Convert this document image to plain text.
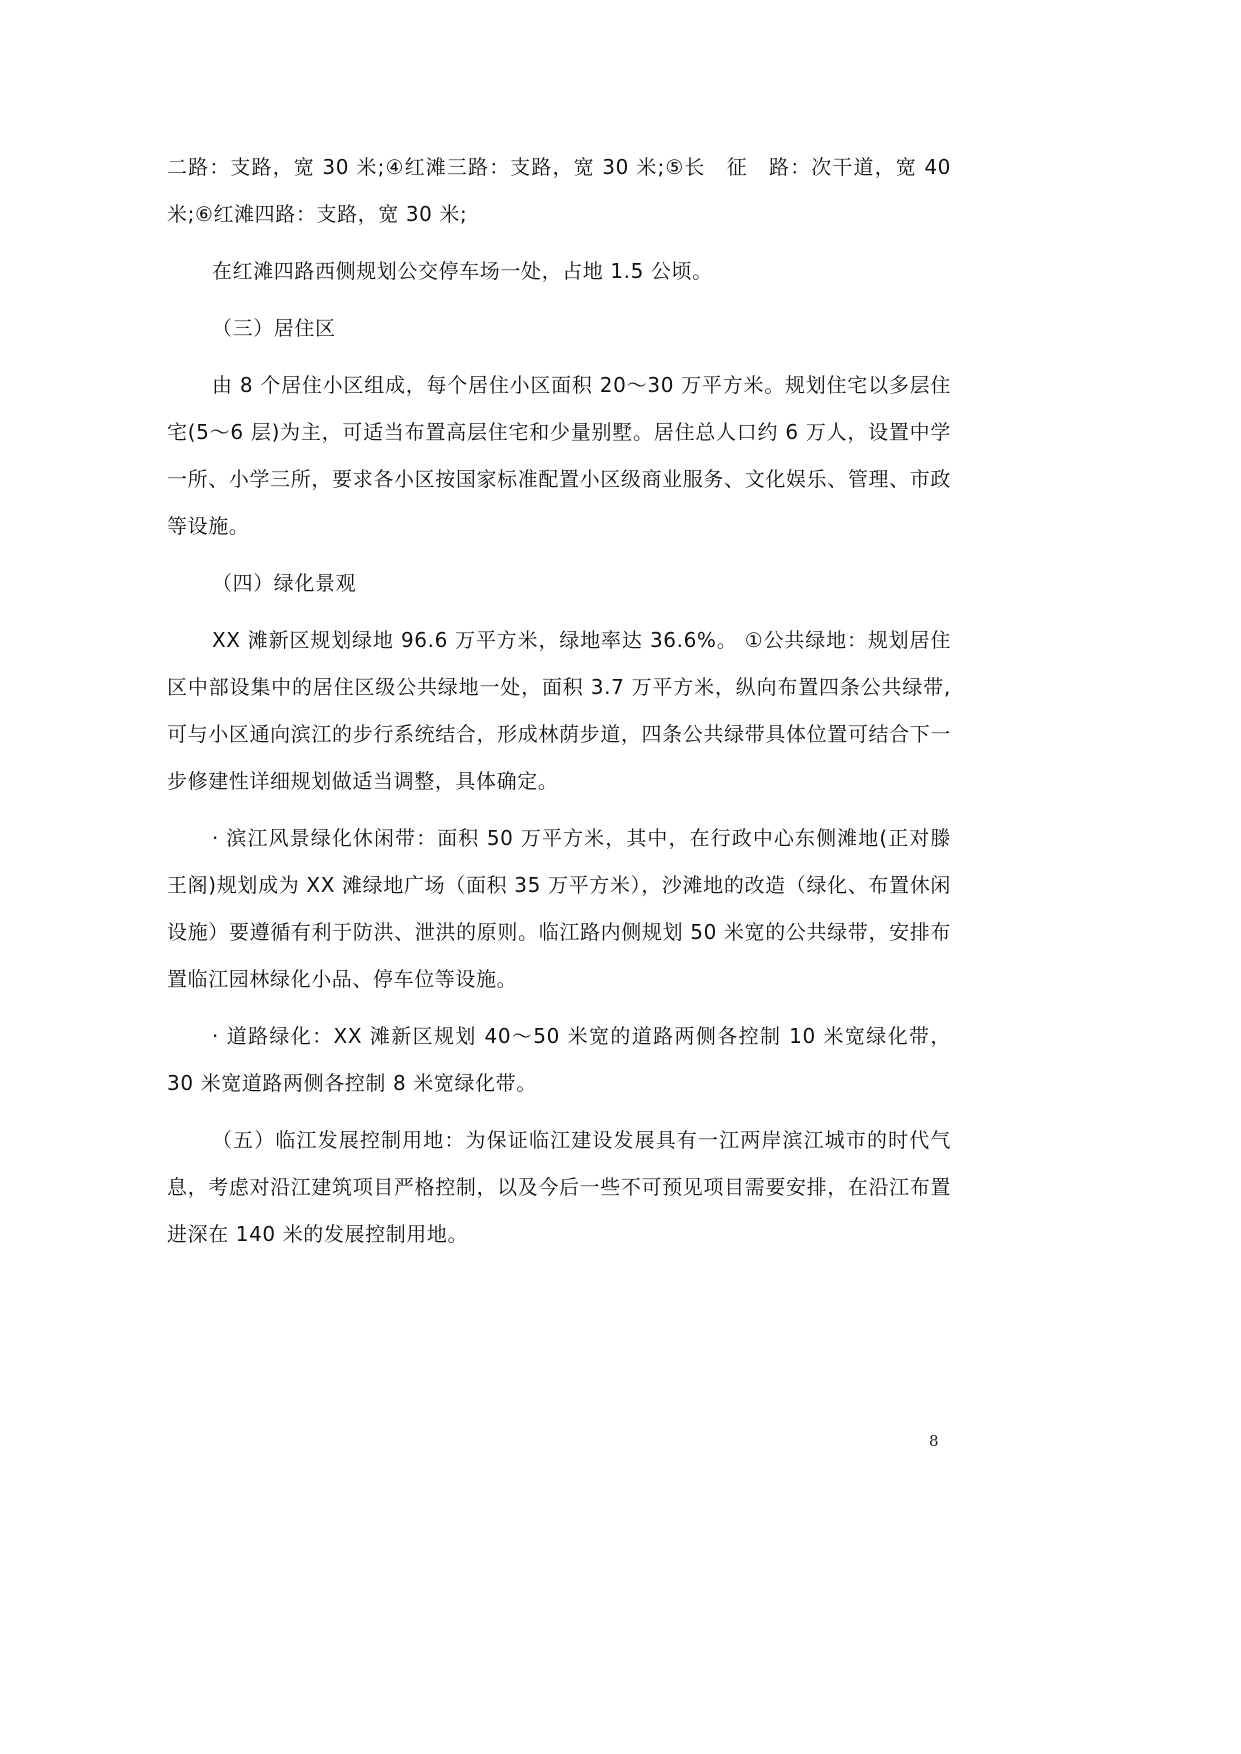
二路：支路，宽 30 米;④红滩三路：支路，宽 30 米;⑤长　征　路：次干道，宽 40 米;⑥红滩四路：支路，宽 30 米;

在红滩四路西侧规划公交停车场一处，占地 1.5 公顷。

（三）居住区

由 8 个居住小区组成，每个居住小区面积 20～30 万平方米。规划住宅以多层住宅(5～6 层)为主，可适当布置高层住宅和少量别墅。居住总人口约 6 万人，设置中学一所、小学三所，要求各小区按国家标准配置小区级商业服务、文化娱乐、管理、市政等设施。

（四）绿化景观

XX 滩新区规划绿地 96.6 万平方米，绿地率达 36.6%。 ①公共绿地：规划居住区中部设集中的居住区级公共绿地一处，面积 3.7 万平方米，纵向布置四条公共绿带,可与小区通向滨江的步行系统结合，形成林荫步道，四条公共绿带具体位置可结合下一步修建性详细规划做适当调整，具体确定。

· 滨江风景绿化休闲带：面积 50 万平方米，其中，在行政中心东侧滩地(正对滕王阁)规划成为 XX 滩绿地广场（面积 35 万平方米），沙滩地的改造（绿化、布置休闲设施）要遵循有利于防洪、泄洪的原则。临江路内侧规划 50 米宽的公共绿带，安排布置临江园林绿化小品、停车位等设施。

· 道路绿化：XX 滩新区规划 40～50 米宽的道路两侧各控制 10 米宽绿化带，30 米宽道路两侧各控制 8 米宽绿化带。

（五）临江发展控制用地：为保证临江建设发展具有一江两岸滨江城市的时代气息，考虑对沿江建筑项目严格控制，以及今后一些不可预见项目需要安排，在沿江布置进深在 140 米的发展控制用地。

8
